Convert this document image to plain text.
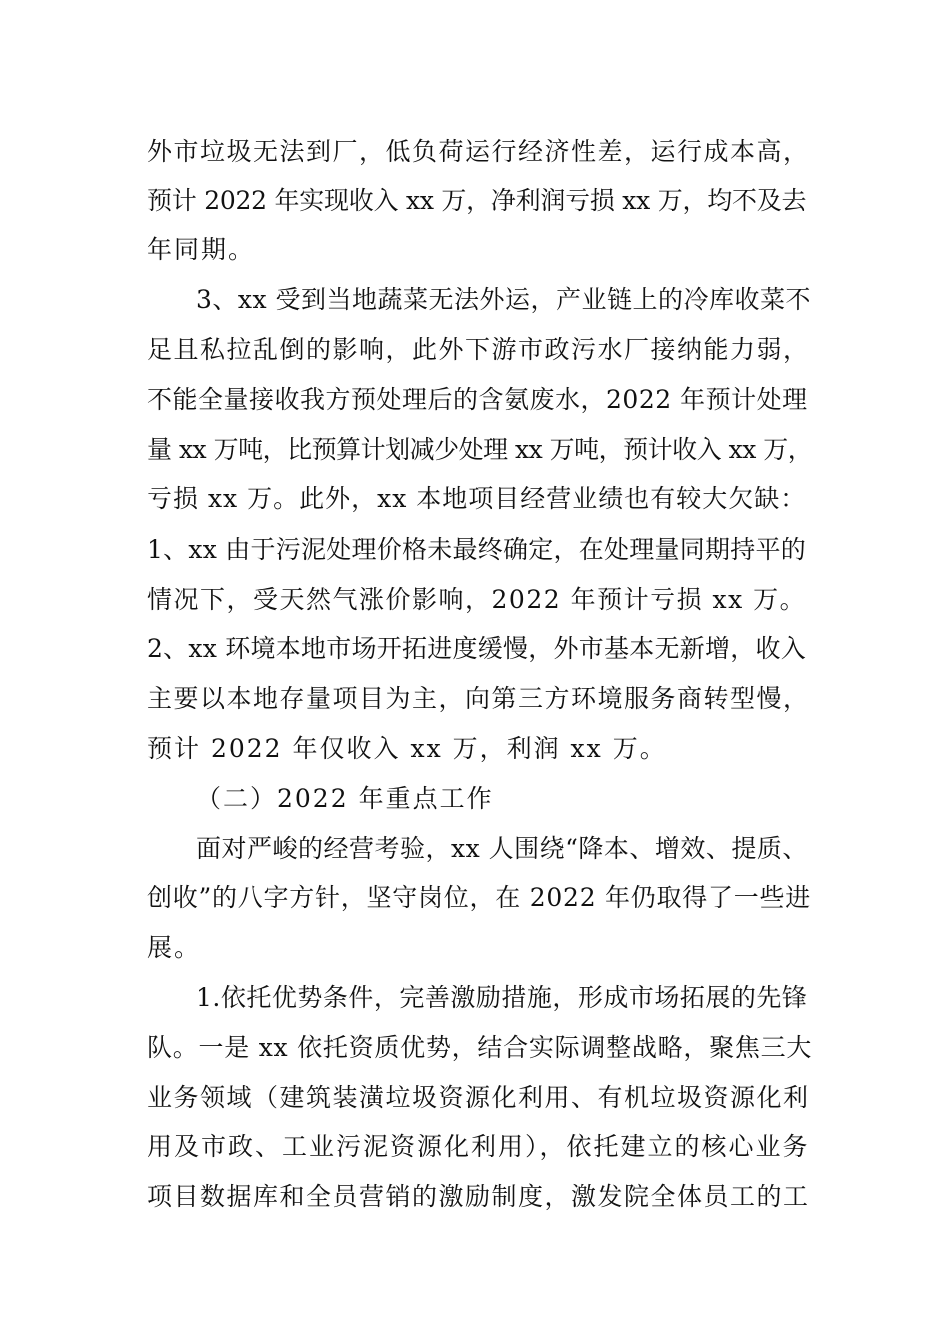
外市垃圾无法到厂，低负荷运行经济性差，运行成本高，
预计 2022 年实现收入 xx 万，净利润亏损 xx 万，均不及去
年同期。
3、xx 受到当地蔬菜无法外运，产业链上的冷库收菜不
足且私拉乱倒的影响，此外下游市政污水厂接纳能力弱，
不能全量接收我方预处理后的含氨废水，2022 年预计处理
量 xx 万吨，比预算计划减少处理 xx 万吨，预计收入 xx 万，
亏损 xx 万。此外，xx 本地项目经营业绩也有较大欠缺：
1、xx 由于污泥处理价格未最终确定，在处理量同期持平的
情况下，受天然气涨价影响，2022 年预计亏损 xx 万。
2、xx 环境本地市场开拓进度缓慢，外市基本无新增，收入
主要以本地存量项目为主，向第三方环境服务商转型慢，
预计 2022 年仅收入 xx 万，利润 xx 万。
（二）2022 年重点工作
面对严峻的经营考验，xx 人围绕“降本、增效、提质、
创收”的八字方针，坚守岗位，在 2022 年仍取得了一些进
展。
1.依托优势条件，完善激励措施，形成市场拓展的先锋
队。一是 xx 依托资质优势，结合实际调整战略，聚焦三大
业务领域（建筑装潢垃圾资源化利用、有机垃圾资源化利
用及市政、工业污泥资源化利用），依托建立的核心业务
项目数据库和全员营销的激励制度，激发院全体员工的工
